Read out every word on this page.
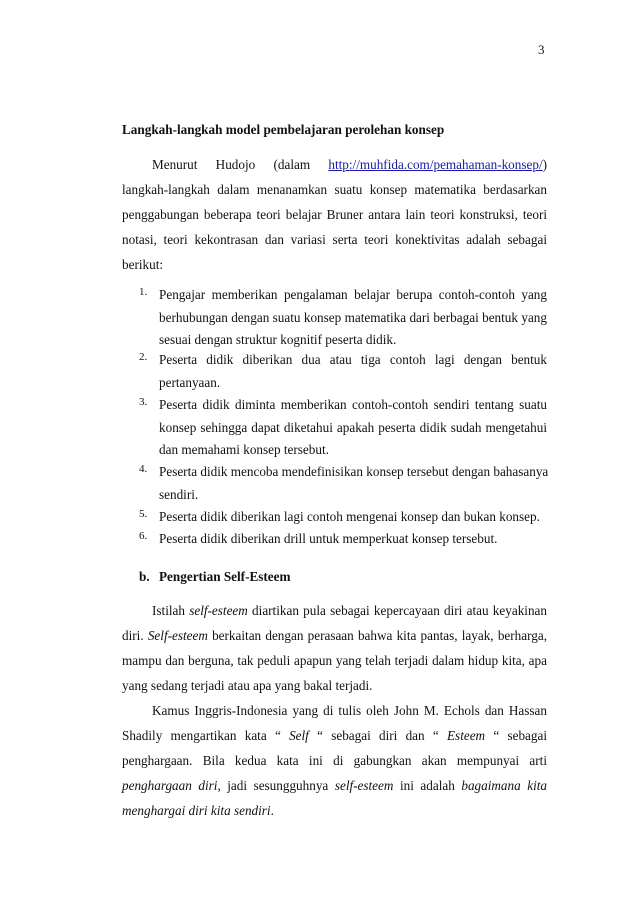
3
Langkah-langkah model pembelajaran perolehan konsep
Menurut Hudojo (dalam http://muhfida.com/pemahaman-konsep/)
langkah-langkah dalam menanamkan suatu konsep matematika berdasarkan
penggabungan beberapa teori belajar Bruner antara lain teori konstruksi, teori
notasi, teori kekontrasan dan variasi serta teori konektivitas adalah sebagai
berikut:
1. Pengajar memberikan pengalaman belajar berupa contoh-contoh yang
berhubungan dengan suatu konsep matematika dari berbagai bentuk yang
sesuai dengan struktur kognitif peserta didik.
2. Peserta didik diberikan dua atau tiga contoh lagi dengan bentuk
pertanyaan.
3. Peserta didik diminta memberikan contoh-contoh sendiri tentang suatu
konsep sehingga dapat diketahui apakah peserta didik sudah mengetahui
dan memahami konsep tersebut.
4. Peserta didik mencoba mendefinisikan konsep tersebut dengan bahasanya
sendiri.
5. Peserta didik diberikan lagi contoh mengenai konsep dan bukan konsep.
6. Peserta didik diberikan drill untuk memperkuat konsep tersebut.
b. Pengertian Self-Esteem
Istilah self-esteem diartikan pula sebagai kepercayaan diri atau keyakinan
diri. Self-esteem berkaitan dengan perasaan bahwa kita pantas, layak, berharga,
mampu dan berguna, tak peduli apapun yang telah terjadi dalam hidup kita, apa
yang sedang terjadi atau apa yang bakal terjadi.
Kamus Inggris-Indonesia yang di tulis oleh John M. Echols dan Hassan
Shadily mengartikan kata “ Self “ sebagai diri dan “ Esteem “ sebagai
penghargaan. Bila kedua kata ini di gabungkan akan mempunyai arti
penghargaan diri, jadi sesungguhnya self-esteem ini adalah bagaimana kita
menghargai diri kita sendiri.
